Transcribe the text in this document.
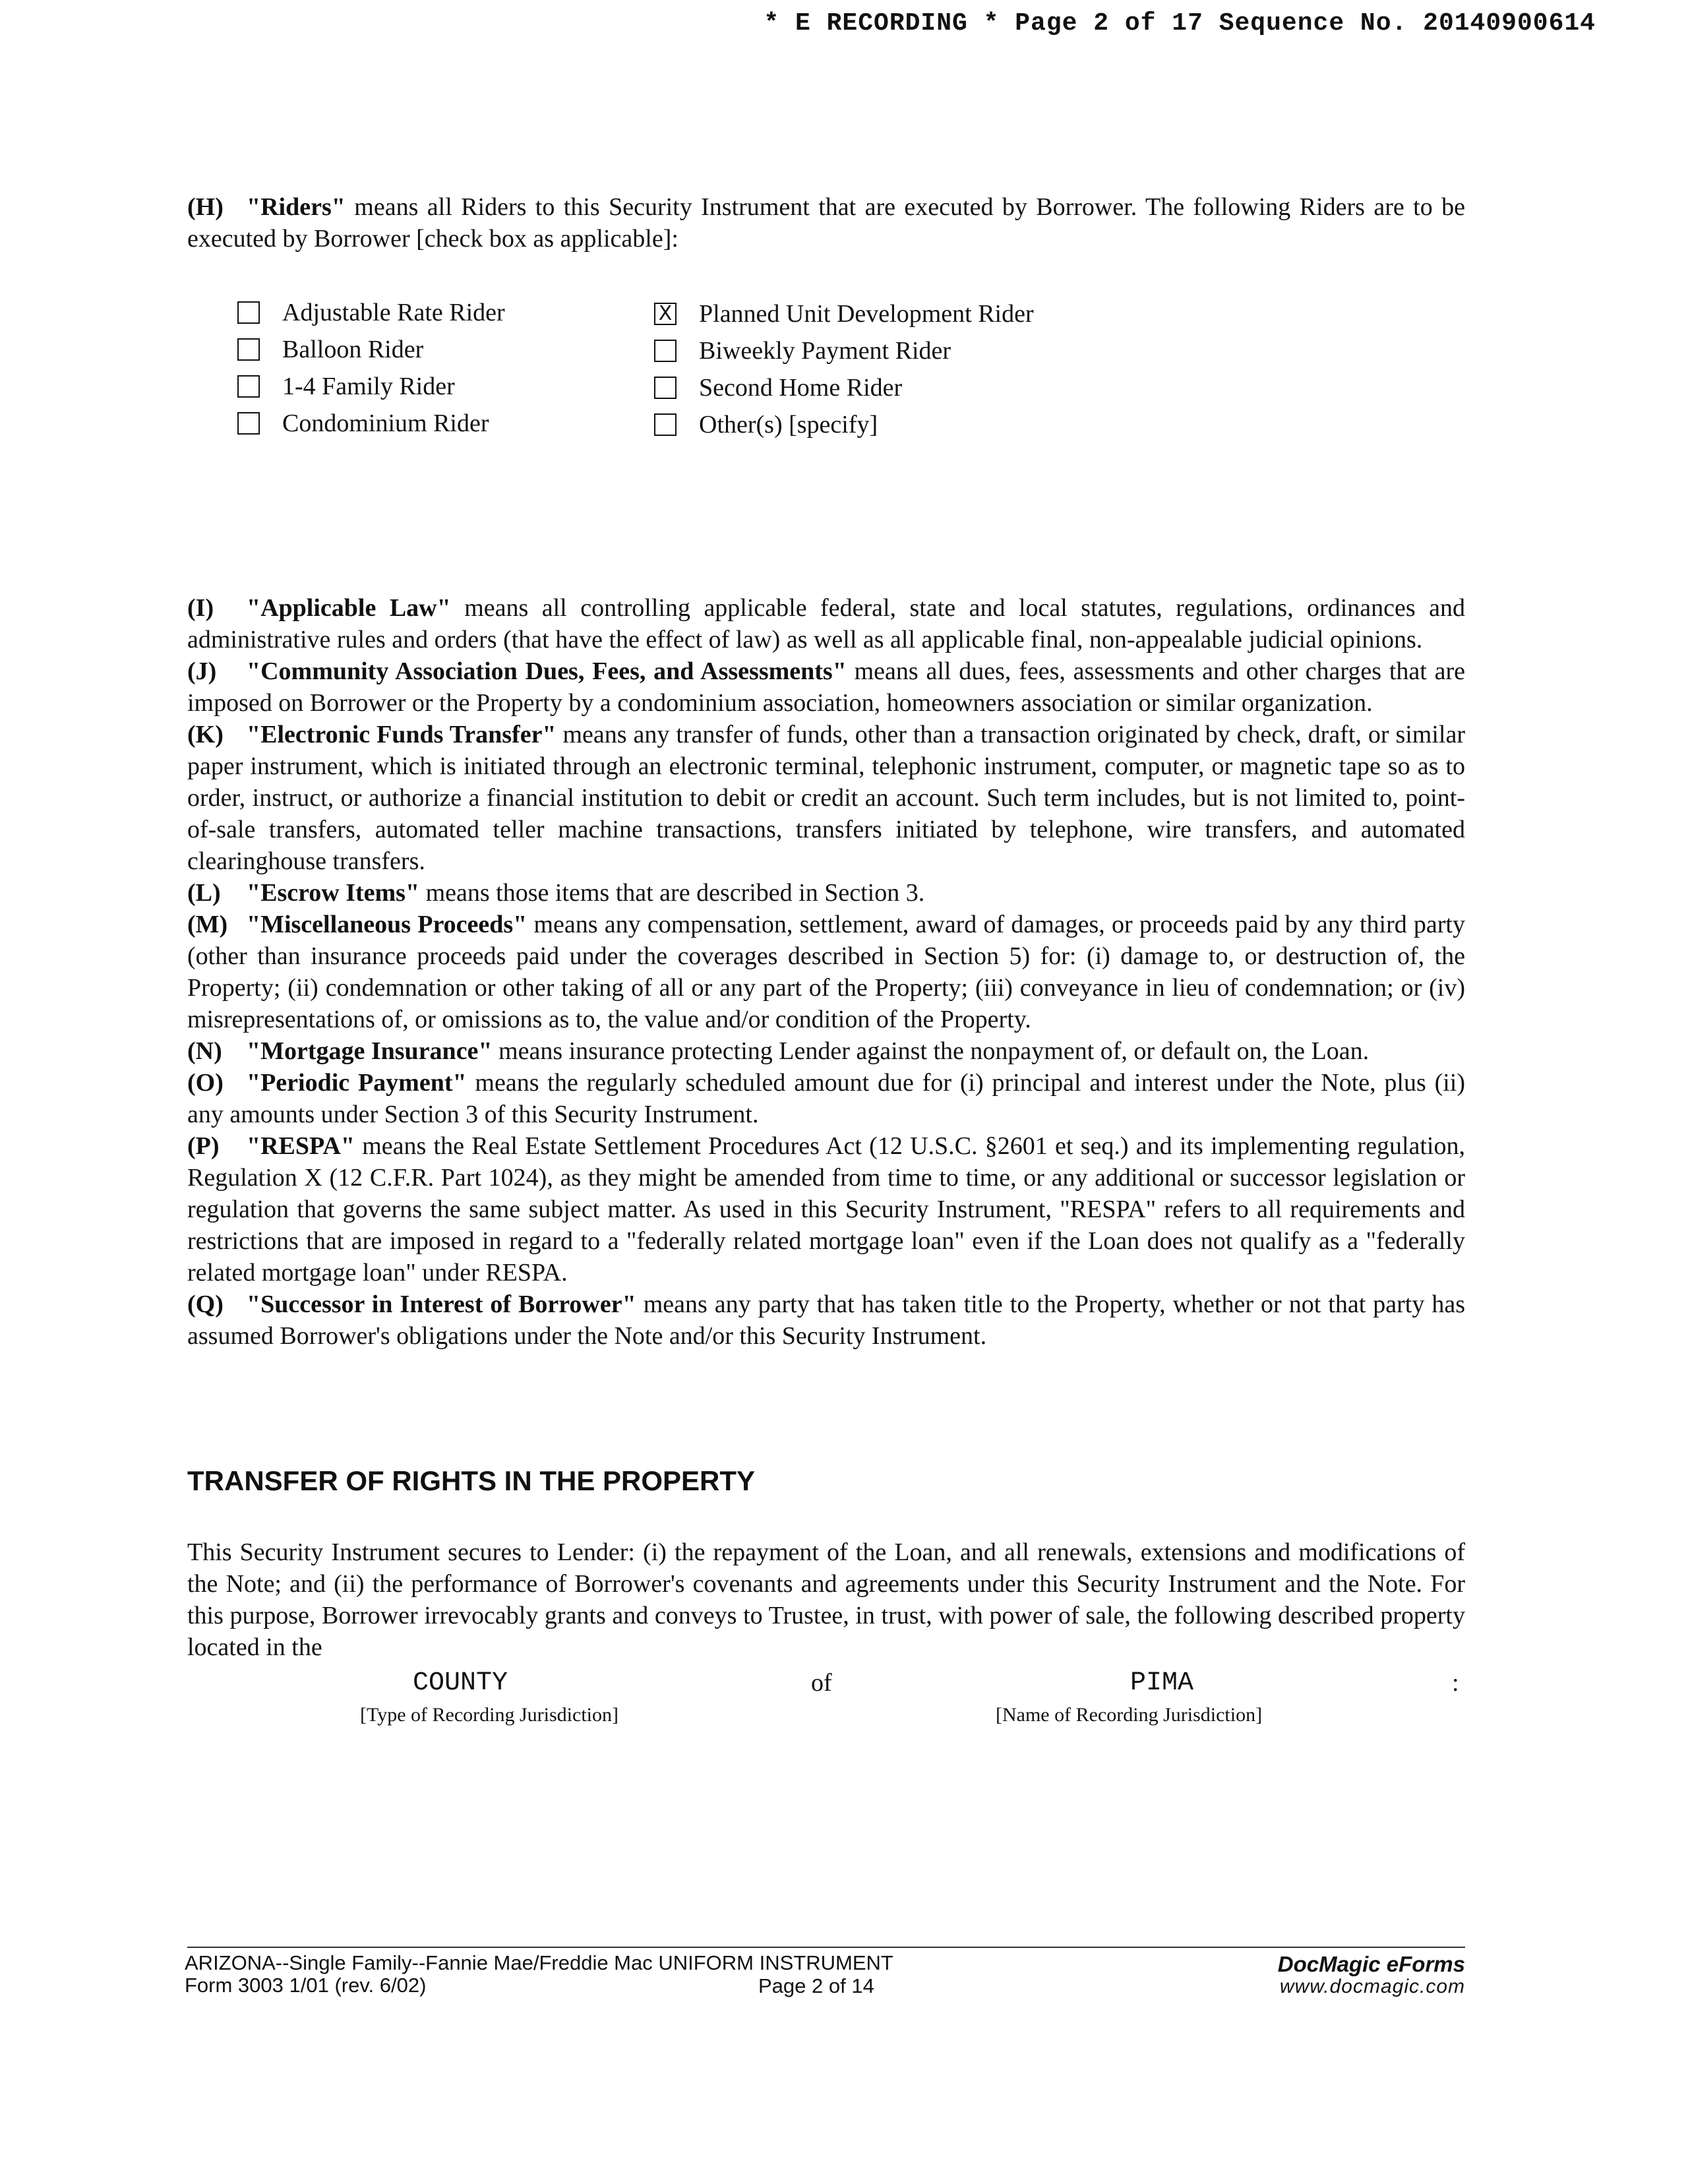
* E RECORDING * Page 2 of 17 Sequence No. 20140900614

(H) "Riders" means all Riders to this Security Instrument that are executed by Borrower. The following Riders are to be executed by Borrower [check box as applicable]:

Adjustable Rate Rider
Balloon Rider
1-4 Family Rider
Condominium Rider
X Planned Unit Development Rider
Biweekly Payment Rider
Second Home Rider
Other(s) [specify]

(I) "Applicable Law" means all controlling applicable federal, state and local statutes, regulations, ordinances and administrative rules and orders (that have the effect of law) as well as all applicable final, non-appealable judicial opinions.

(J) "Community Association Dues, Fees, and Assessments" means all dues, fees, assessments and other charges that are imposed on Borrower or the Property by a condominium association, homeowners association or similar organization.

(K) "Electronic Funds Transfer" means any transfer of funds, other than a transaction originated by check, draft, or similar paper instrument, which is initiated through an electronic terminal, telephonic instrument, computer, or magnetic tape so as to order, instruct, or authorize a financial institution to debit or credit an account. Such term includes, but is not limited to, point-of-sale transfers, automated teller machine transactions, transfers initiated by telephone, wire transfers, and automated clearinghouse transfers.

(L) "Escrow Items" means those items that are described in Section 3.

(M) "Miscellaneous Proceeds" means any compensation, settlement, award of damages, or proceeds paid by any third party (other than insurance proceeds paid under the coverages described in Section 5) for: (i) damage to, or destruction of, the Property; (ii) condemnation or other taking of all or any part of the Property; (iii) conveyance in lieu of condemnation; or (iv) misrepresentations of, or omissions as to, the value and/or condition of the Property.

(N) "Mortgage Insurance" means insurance protecting Lender against the nonpayment of, or default on, the Loan.

(O) "Periodic Payment" means the regularly scheduled amount due for (i) principal and interest under the Note, plus (ii) any amounts under Section 3 of this Security Instrument.

(P) "RESPA" means the Real Estate Settlement Procedures Act (12 U.S.C. §2601 et seq.) and its implementing regulation, Regulation X (12 C.F.R. Part 1024), as they might be amended from time to time, or any additional or successor legislation or regulation that governs the same subject matter. As used in this Security Instrument, "RESPA" refers to all requirements and restrictions that are imposed in regard to a "federally related mortgage loan" even if the Loan does not qualify as a "federally related mortgage loan" under RESPA.

(Q) "Successor in Interest of Borrower" means any party that has taken title to the Property, whether or not that party has assumed Borrower's obligations under the Note and/or this Security Instrument.

TRANSFER OF RIGHTS IN THE PROPERTY

This Security Instrument secures to Lender: (i) the repayment of the Loan, and all renewals, extensions and modifications of the Note; and (ii) the performance of Borrower's covenants and agreements under this Security Instrument and the Note. For this purpose, Borrower irrevocably grants and conveys to Trustee, in trust, with power of sale, the following described property located in the

COUNTY	of	PIMA	:
[Type of Recording Jurisdiction]	[Name of Recording Jurisdiction]
ARIZONA--Single Family--Fannie Mae/Freddie Mac UNIFORM INSTRUMENT
Form 3003 1/01 (rev. 6/02)	Page 2 of 14
DocMagic eForms
www.docmagic.com
